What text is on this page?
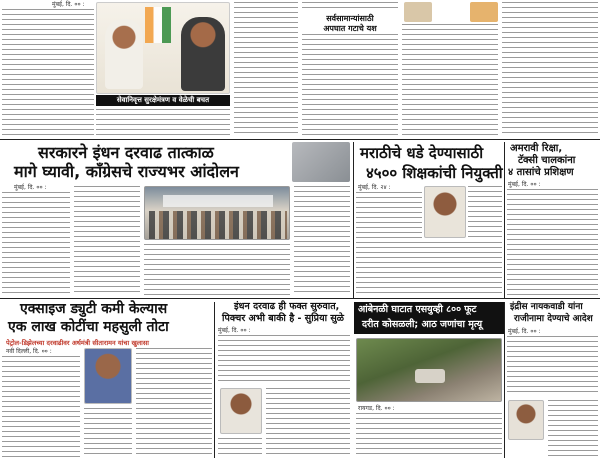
मुंबई, दि. ०० :
सेवानिवृत्त सुरक्षेमंत्रण व वेळेची बचत
सर्वसामान्यांसाठी
अपघात गटाचे यश
सरकारने इंधन दरवाढ तात्काळ
मागे घ्यावी, काँग्रेसचे राज्यभर आंदोलन
मुंबई, दि. ०० :
मराठीचे धडे देण्यासाठी
४५०० शिक्षकांची नियुक्ती
मुंबई, दि. २४ :
अमरावी रिक्षा,
टॅक्सी चालकांना
४ तासांचे प्रशिक्षण
मुंबई, दि. ०० :
एक्साइज ड्युटी कमी केल्यास
एक लाख कोटींचा महसुली तोटा
पेट्रोल-डिझेलच्या दरवाढीवर अर्थमंत्री सीतारामन यांचा खुलासा
नवी दिल्ली, दि. ०० :
इंधन दरवाढ ही फक्त सुरुवात,
पिक्चर अभी बाकी है - सुप्रिया सुळे
मुंबई, दि. ०० :
आंबेनळी घाटात एसयुव्ही ८०० फूट
दरीत कोसळली; आठ जणांचा मृत्यू
रायगड, दि. ०० :
इंद्रीस नायकवाडी यांना
राजीनामा देण्याचे आदेश
मुंबई, दि. ०० :
